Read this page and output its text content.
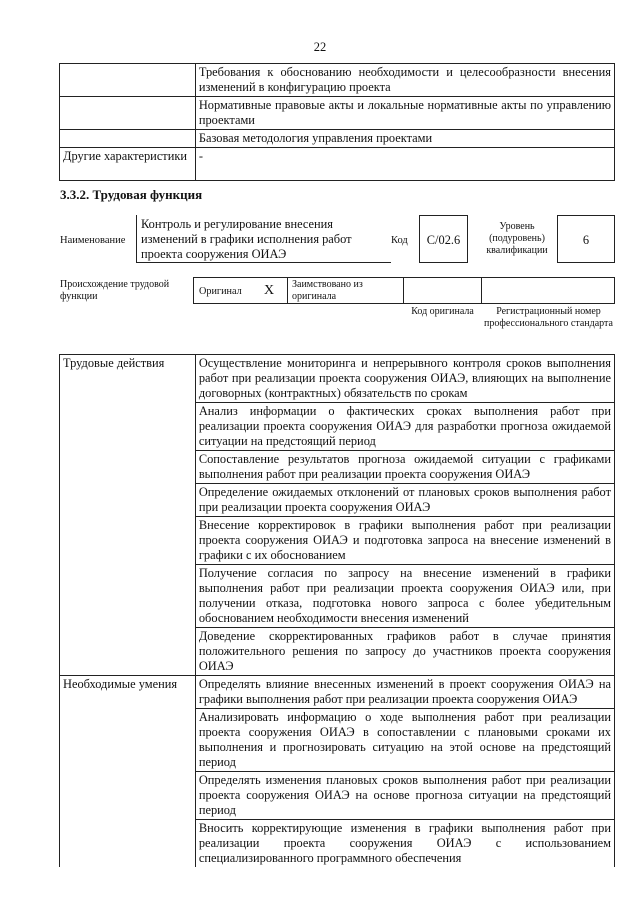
22
	Требования к обоснованию необходимости и целесообразности внесения изменений в конфигурацию проекта
	Нормативные правовые акты и локальные нормативные акты по управлению проектами
	Базовая методология управления проектами
Другие характеристики	-
3.3.2. Трудовая функция
Наименование
Контроль и регулирование внесения изменений в графики исполнения работ проекта сооружения ОИАЭ
Код	C/02.6
Уровень (подуровень) квалификации
6
Происхождение трудовой функции	Оригинал X Заимствовано из оригинала
Код оригинала	Регистрационный номер профессионального стандарта
Трудовые действия	Осуществление мониторинга и непрерывного контроля сроков выполнения работ при реализации проекта сооружения ОИАЭ, влияющих на выполнение договорных (контрактных) обязательств по срокам
	Анализ информации о фактических сроках выполнения работ при реализации проекта сооружения ОИАЭ для разработки прогноза ожидаемой ситуации на предстоящий период
	Сопоставление результатов прогноза ожидаемой ситуации с графиками выполнения работ при реализации проекта сооружения ОИАЭ
	Определение ожидаемых отклонений от плановых сроков выполнения работ при реализации проекта сооружения ОИАЭ
	Внесение корректировок в графики выполнения работ при реализации проекта сооружения ОИАЭ и подготовка запроса на внесение изменений в графики с их обоснованием
	Получение согласия по запросу на внесение изменений в графики выполнения работ при реализации проекта сооружения ОИАЭ или, при получении отказа, подготовка нового запроса с более убедительным обоснованием необходимости внесения изменений
	Доведение скорректированных графиков работ в случае принятия положительного решения по запросу до участников проекта сооружения ОИАЭ
Необходимые умения	Определять влияние внесенных изменений в проект сооружения ОИАЭ на графики выполнения работ при реализации проекта сооружения ОИАЭ
	Анализировать информацию о ходе выполнения работ при реализации проекта сооружения ОИАЭ в сопоставлении с плановыми сроками их выполнения и прогнозировать ситуацию на этой основе на предстоящий период
	Определять изменения плановых сроков выполнения работ при реализации проекта сооружения ОИАЭ на основе прогноза ситуации на предстоящий период
	Вносить корректирующие изменения в графики выполнения работ при реализации проекта сооружения ОИАЭ с использованием специализированного программного обеспечения
